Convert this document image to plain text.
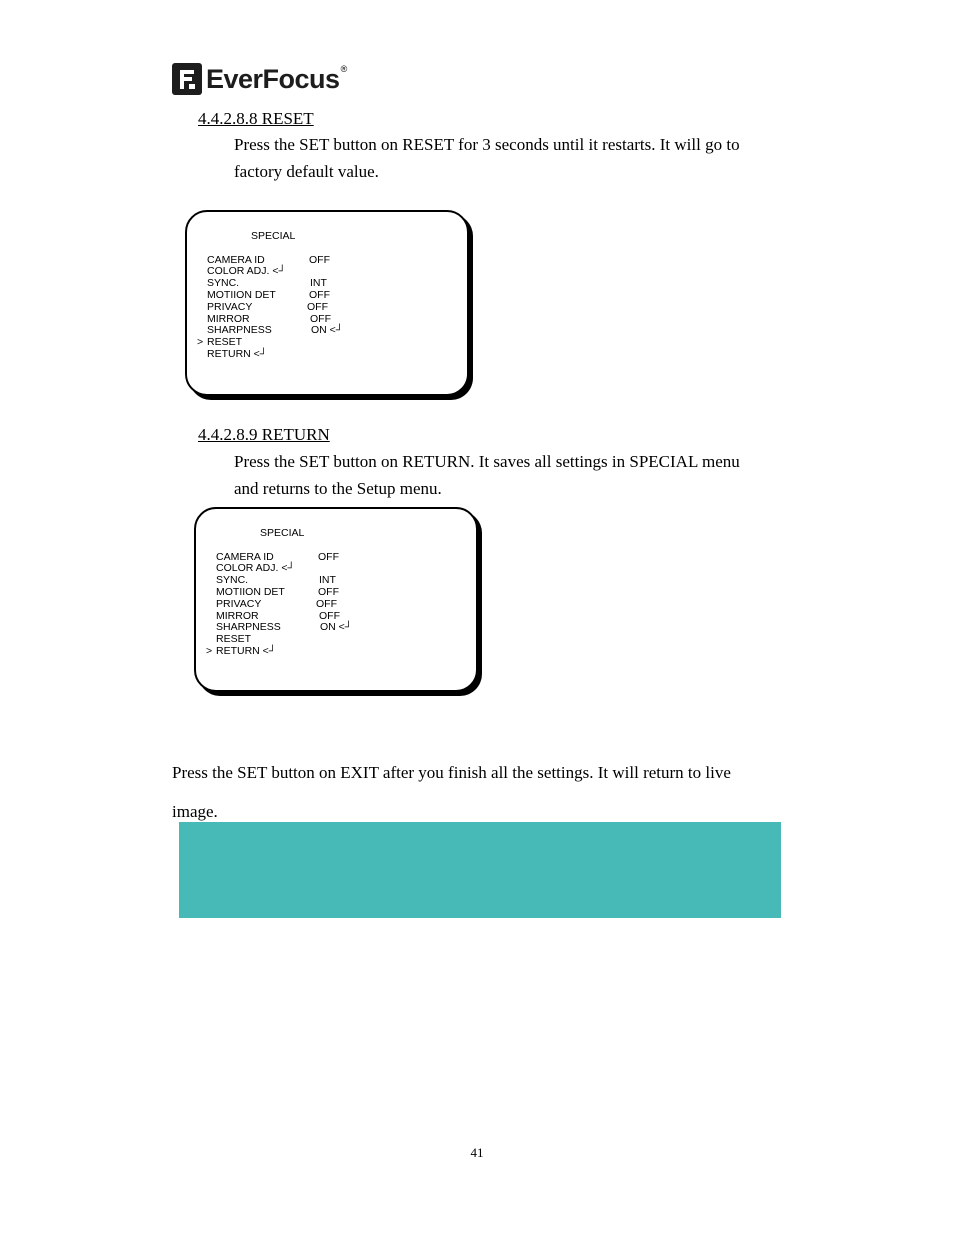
EverFocus ®
4.4.2.8.8 RESET
Press the SET button on RESET for 3 seconds until it restarts. It will go to
factory default value.
SPECIAL
CAMERA ID	OFF
COLOR ADJ. <┘
SYNC.	INT
MOTIION DET	OFF
PRIVACY	OFF
MIRROR	OFF
SHARPNESS	ON <┘
> RESET
RETURN <┘
4.4.2.8.9 RETURN
Press the SET button on RETURN. It saves all settings in SPECIAL menu
and returns to the Setup menu.
SPECIAL
CAMERA ID	OFF
COLOR ADJ. <┘
SYNC.	INT
MOTIION DET	OFF
PRIVACY	OFF
MIRROR	OFF
SHARPNESS	ON <┘
RESET
> RETURN <┘
Press the SET button on EXIT after you finish all the settings. It will return to live
image.
41
